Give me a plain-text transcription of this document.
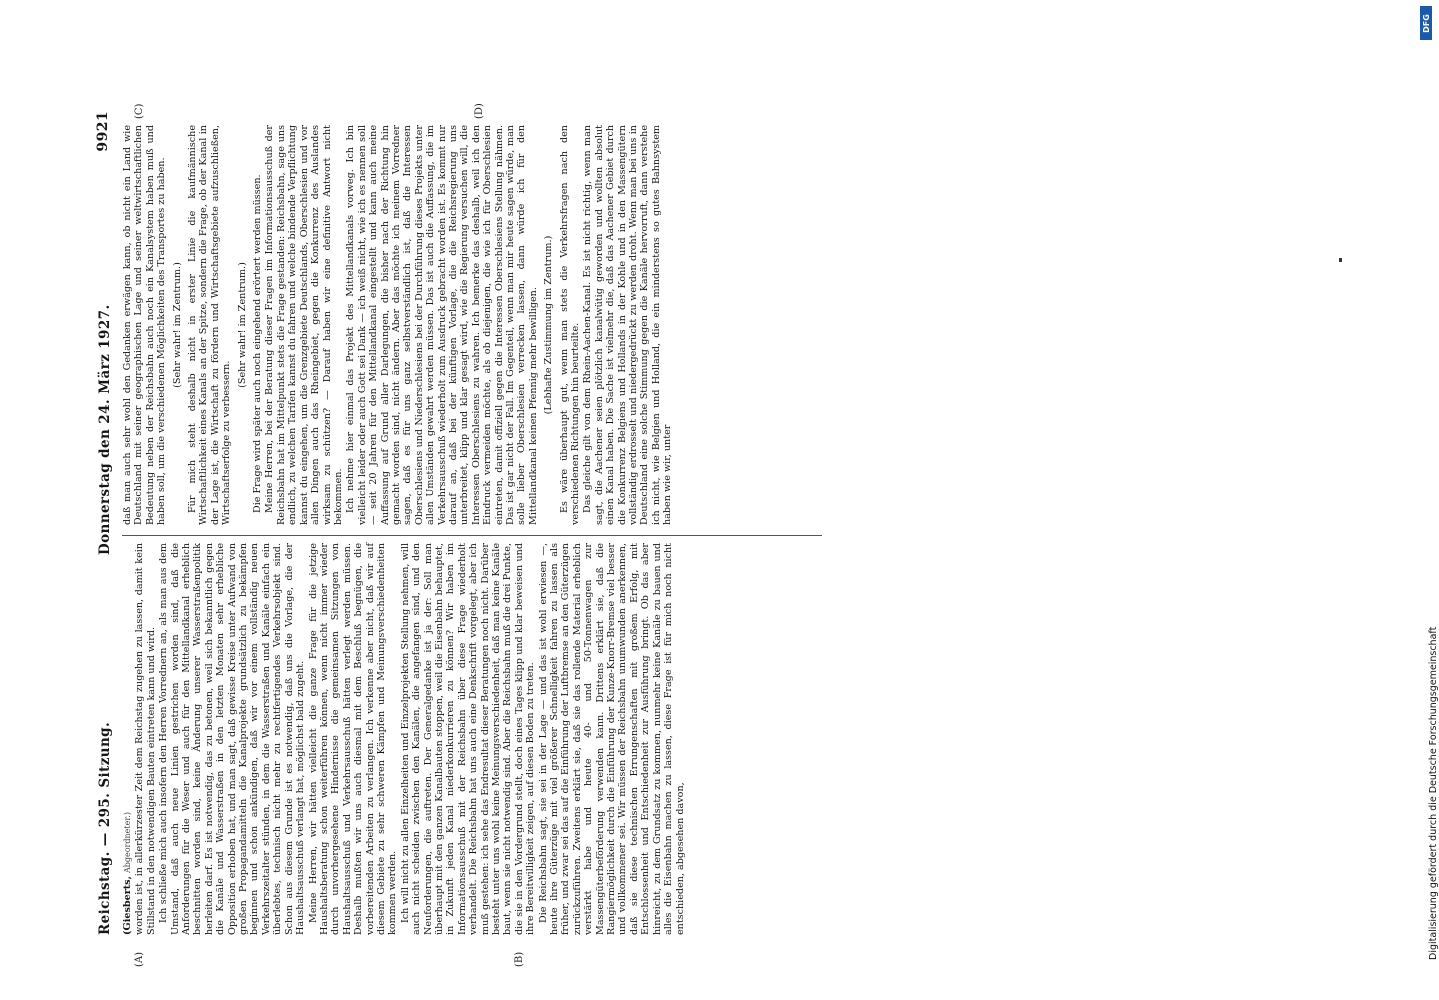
Reichstag. — 295. Sitzung.
Donnerstag den 24. März 1927.
9921

(Giesberts, Abgeordneter.) worden ist, in allerkürzester Zeit dem Reichstag zugehen zu lassen, damit kein Stillstand in den notwendigen Bauten eintreten kann und wird. Ich schließe mich auch insofern den Herren Vorrednern an, als man aus dem Umstand, daß auch neue Linien gestrichen worden sind, daß die Anforderungen für die Weser und auch für den Mittellandkanal erheblich beschnitten worden sind, keine Änderung unserer Wasserstraßenpolitik herleiten darf. Es ist notwendig, das zu betonen, weil sich bekanntlich gegen die Kanäle und Wasserstraßen in den letzten Monaten sehr erhebliche Opposition erhoben hat, und man sagt, daß gewisse Kreise unter Aufwand von großen Propagandamitteln die Kanalprojekte grundsätzlich zu bekämpfen beginnen und schon ankündigen, daß wir vor einem vollständig neuen Verkehrszeitalter stünden, in dem die Wasserstraßen und Kanäle einfach ein überlebtes, technisch nicht mehr zu rechtfertigendes Verkehrsobjekt sind. Schon aus diesem Grunde ist es notwendig, daß uns die Vorlage, die der Haushaltsausschuß verlangt hat, möglichst bald zugeht. Meine Herren, wir hätten vielleicht die ganze Frage für die jetzige Haushaltsberatung schon weiterführen können, wenn nicht immer wieder durch unvorhergesehene Hindernisse die gemeinsamen Sitzungen von Haushaltsausschuß und Verkehrsausschuß hätten verlegt werden müssen. Deshalb mußten wir uns auch diesmal mit dem Beschluß begnügen, die vorbereitenden Arbeiten zu verlangen. Ich verkenne aber nicht, daß wir auf diesem Gebiete zu sehr schweren Kämpfen und Meinungsverschiedenheiten kommen werden. Ich will nicht zu allen Einzelheiten und Einzelprojekten Stellung nehmen, will auch nicht scheiden zwischen den Kanälen, die angefangen sind, und den Neuforderungen, die auftreten. Der Generalgedanke ist ja der: Soll man überhaupt mit den ganzen Kanalbauten stoppen, weil die Eisenbahn behauptet, in Zukunft jeden Kanal niederkonkurrieren zu können? Wir haben im Informationsausschuß mit der Reichsbahn über diese Frage wiederholt verhandelt. Die Reichsbahn hat uns auch eine Denkschrift vorgelegt, aber ich muß gestehen: ich sehe das Endresultat dieser Beratungen noch nicht. Darüber besteht unter uns wohl keine Meinungsverschiedenheit, daß man keine Kanäle baut, wenn sie nicht notwendig sind. Aber die Reichsbahn muß die drei Punkte, die sie in den Vordergrund stellt, doch eines Tages klipp und klar beweisen und ihre Bereitwilligkeit zeigen, auf diesen Boden zu treten. Die Reichsbahn sagt, sie sei in der Lage — und das ist wohl erwiesen —, heute ihre Güterzüge mit viel größerer Schnelligkeit fahren zu lassen als früher, und zwar sei das auf die Einführung der Luftbremse an den Güterzügen zurückzuführen. Zweitens erklärt sie, daß sie das rollende Material erheblich verstärkt habe und heute 40- und 50-Tonnenwagen zur Massengüterbeförderung verwenden kann. Drittens erklärt sie, daß die Rangiermöglichkeit durch die Einführung der Kunze-Knorr-Bremse viel besser und vollkommener sei. Wir müssen der Reichsbahn unumwunden anerkennen, daß sie diese technischen Errungenschaften mit großem Erfolg, mit Entschlossenheit und Entschiedenheit zur Ausführung bringt. Ob das aber hinreicht, zu dem Grundsatz zu kommen, nunmehr keine Kanäle zu bauen und alles die Eisenbahn machen zu lassen, diese Frage ist für mich noch nicht entschieden, abgesehen davon,

daß man auch sehr wohl den Gedanken erwägen kann, ob nicht ein Land wie Deutschland mit seiner geographischen Lage und seiner weltwirtschaftlichen Bedeutung neben der Reichsbahn auch noch ein Kanalsystem haben muß und haben soll, um die verschiedenen Möglichkeiten des Transportes zu haben. (Sehr wahr! im Zentrum.) Für mich steht deshalb nicht in erster Linie die kaufmännische Wirtschaftlichkeit eines Kanals an der Spitze, sondern die Frage, ob der Kanal in der Lage ist, die Wirtschaft zu fördern und Wirtschaftsgebiete aufzuschließen, Wirtschaftserfolge zu verbessern.

(Sehr wahr! im Zentrum.) Die Frage wird später auch noch eingehend erörtert werden müssen. Meine Herren, bei der Beratung dieser Fragen im Informationsausschuß der Reichsbahn hat im Mittelpunkt stets die Frage gestanden: Reichsbahn, sage uns endlich, zu welchen Tarifen kannst du fahren und welche bindende Verpflichtung kannst du eingehen, um die Grenzgebiete Deutschlands, Oberschlesien und vor allen Dingen auch das Rheingebiet, gegen die Konkurrenz des Auslandes wirksam zu schützen? — Darauf haben wir eine definitive Antwort nicht bekommen. Ich nehme hier einmal das Projekt des Mittellandkanals vorweg. Ich bin vielleicht leider oder auch Gott sei Dank — ich weiß nicht, wie ich es nennen soll — seit 20 Jahren für den Mittellandkanal eingestellt und kann auch meine Auffassung auf Grund aller Darlegungen, die bisher nach der Richtung hin gemacht worden sind, nicht ändern. Aber das möchte ich meinem Vorredner sagen, daß es für uns ganz selbstverständlich ist, daß die Interessen Oberschlesiens und Niederschlesiens bei der Durchführung dieses Projekts unter allen Umständen gewahrt werden müssen. Das ist auch die Auffassung, die im Verkehrsausschuß wiederholt zum Ausdruck gebracht worden ist. Es kommt nur darauf an, daß bei der künftigen Vorlage, die die Reichsregierung uns unterbreitet, klipp und klar gesagt wird, wie die Regierung versuchen will, die Interessen Oberschlesiens zu wahren. Ich bemerke das deshalb, weil ich den Eindruck vermeiden möchte, als ob diejenigen, die wie ich für Oberschlesien eintreten, damit offiziell gegen die Interessen Oberschlesiens Stellung nähmen. Das ist gar nicht der Fall. Im Gegenteil, wenn man mir heute sagen würde, man solle lieber Oberschlesien verrecken lassen, dann würde ich für den Mittellandkanal keinen Pfennig mehr bewilligen. (Lebhafte Zustimmung im Zentrum.) Es wäre überhaupt gut, wenn man stets die Verkehrsfragen nach den verschiedenen Richtungen hin beurteilte. Das gleiche gilt von dem Rhein-Aachen-Kanal. Es ist nicht richtig, wenn man sagt, die Aachener seien plötzlich kanalwütig geworden und wollten absolut einen Kanal haben. Die Sache ist vielmehr die, daß das Aachener Gebiet durch die Konkurrenz Belgiens und Hollands in der Kohle und in den Massengütern vollständig erdrosselt und niedergedrückt zu werden droht. Wenn man bei uns in Deutschland eine solche Stimmung gegen die Kanäle hervorruft, dann verstehe ich nicht, wie Belgien und Holland, die ein minderstens so gutes Bahnsystem haben wie wir, unter

(A)	(B)
(C)	(D)
DFG
Digitalisierung gefördert durch die Deutsche Forschungsgemeinschaft
